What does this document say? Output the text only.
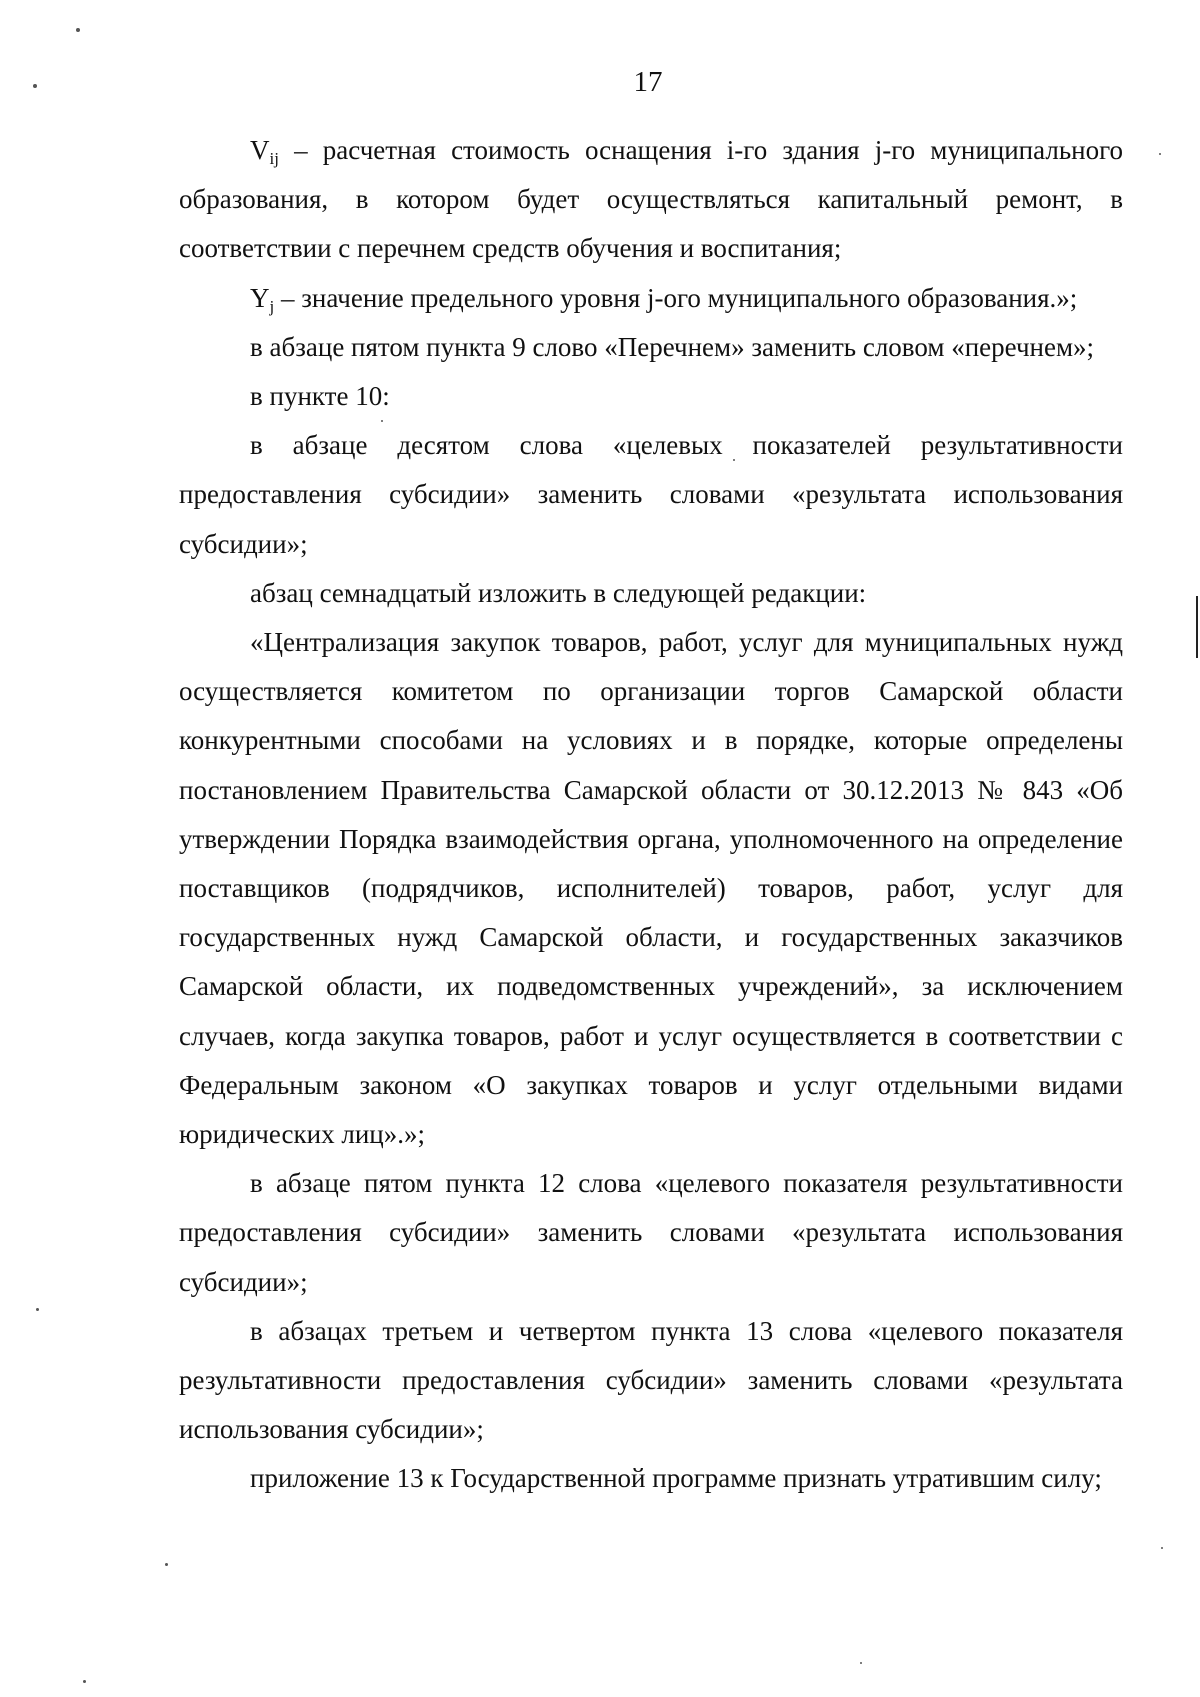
17

$V_{ij}$ – расчетная стоимость оснащения i-го здания j-го муниципального образования, в котором будет осуществляться капитальный ремонт, в соответствии с перечнем средств обучения и воспитания;

$Y_j$ – значение предельного уровня j-ого муниципального образования.»;

в абзаце пятом пункта 9 слово «Перечнем» заменить словом «перечнем»;

в пункте 10:

в абзаце десятом слова «целевых показателей результативности предоставления субсидии» заменить словами «результата использования субсидии»;

абзац семнадцатый изложить в следующей редакции:

«Централизация закупок товаров, работ, услуг для муниципальных нужд осуществляется комитетом по организации торгов Самарской области конкурентными способами на условиях и в порядке, которые определены постановлением Правительства Самарской области от 30.12.2013 № 843 «Об утверждении Порядка взаимодействия органа, уполномоченного на определение поставщиков (подрядчиков, исполнителей) товаров, работ, услуг для государственных нужд Самарской области, и государственных заказчиков Самарской области, их подведомственных учреждений», за исключением случаев, когда закупка товаров, работ и услуг осуществляется в соответствии с Федеральным законом «О закупках товаров и услуг отдельными видами юридических лиц».»;

в абзаце пятом пункта 12 слова «целевого показателя результативности предоставления субсидии» заменить словами «результата использования субсидии»;

в абзацах третьем и четвертом пункта 13 слова «целевого показателя результативности предоставления субсидии» заменить словами «результата использования субсидии»;

приложение 13 к Государственной программе признать утратившим силу;
